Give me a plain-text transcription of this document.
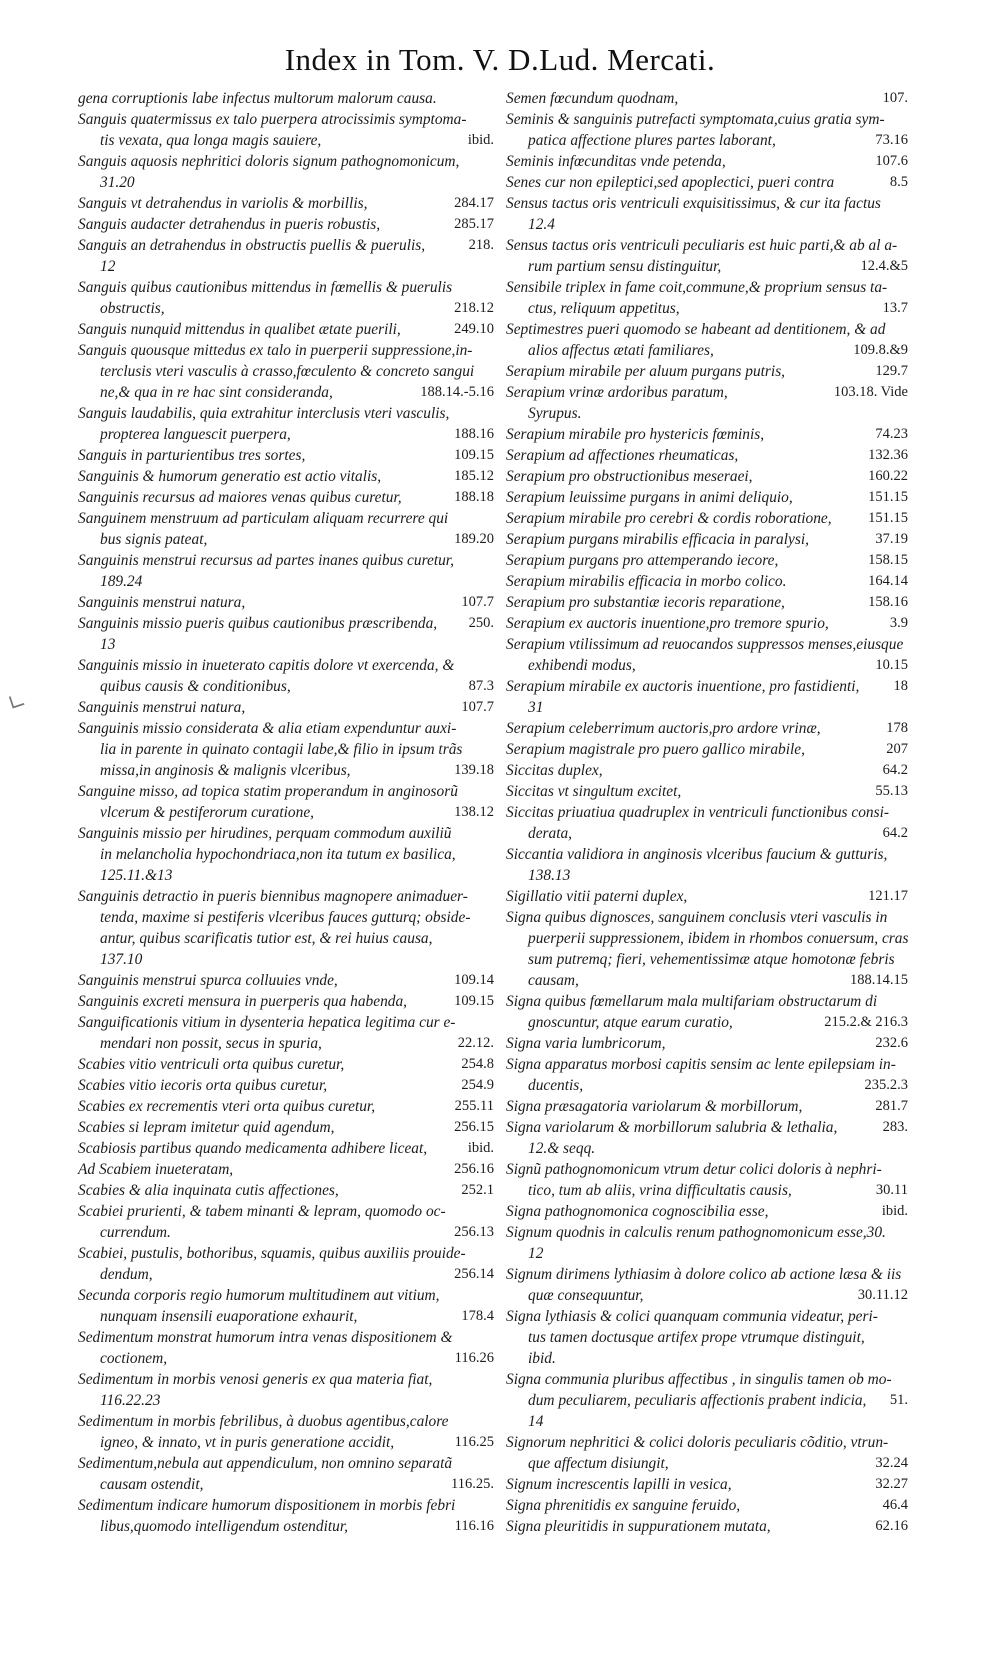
Index in Tom. V. D.Lud. Mercati.
∟
gena corruptionis labe infectus multorum malorum causa.
Sanguis quatermissus ex talo puerpera atrocissimis symptoma-
tis vexata, qua longa magis sauiere,	ibid.
Sanguis aquosis nephritici doloris signum pathognomonicum,
31.20
Sanguis vt detrahendus in variolis & morbillis,	284.17
Sanguis audacter detrahendus in pueris robustis,	285.17
Sanguis an detrahendus in obstructis puellis & puerulis,	218.
12
Sanguis quibus cautionibus mittendus in fœmellis & puerulis
obstructis,	218.12
Sanguis nunquid mittendus in qualibet ætate puerili,	249.10
Sanguis quousque mittedus ex talo in puerperii suppressione,in-
terclusis vteri vasculis à crasso,fœculento & concreto sangui
ne,& qua in re hac sint consideranda,	188.14.-5.16
Sanguis laudabilis, quia extrahitur interclusis vteri vasculis,
propterea languescit puerpera,	188.16
Sanguis in parturientibus tres sortes,	109.15
Sanguinis & humorum generatio est actio vitalis,	185.12
Sanguinis recursus ad maiores venas quibus curetur,	188.18
Sanguinem menstruum ad particulam aliquam recurrere qui
bus signis pateat,	189.20
Sanguinis menstrui recursus ad partes inanes quibus curetur,
189.24
Sanguinis menstrui natura,	107.7
Sanguinis missio pueris quibus cautionibus præscribenda,	250.
13
Sanguinis missio in inueterato capitis dolore vt exercenda, &
quibus causis & conditionibus,	87.3
Sanguinis menstrui natura,	107.7
Sanguinis missio considerata & alia etiam expenduntur auxi-
lia in parente in quinato contagii labe,& filio in ipsum trãs
missa,in anginosis & malignis vlceribus,	139.18
Sanguine misso, ad topica statim properandum in anginosorũ
vlcerum & pestiferorum curatione,	138.12
Sanguinis missio per hirudines, perquam commodum auxiliũ
in melancholia hypochondriaca,non ita tutum ex basilica,
125.11.&13
Sanguinis detractio in pueris biennibus magnopere animaduer-
tenda, maxime si pestiferis vlceribus fauces gutturq; obside-
antur, quibus scarificatis tutior est, & rei huius causa,
137.10
Sanguinis menstrui spurca colluuies vnde,	109.14
Sanguinis excreti mensura in puerperis qua habenda,	109.15
Sanguificationis vitium in dysenteria hepatica legitima cur e-
mendari non possit, secus in spuria,	22.12.
Scabies vitio ventriculi orta quibus curetur,	254.8
Scabies vitio iecoris orta quibus curetur,	254.9
Scabies ex recrementis vteri orta quibus curetur,	255.11
Scabies si lepram imitetur quid agendum,	256.15
Scabiosis partibus quando medicamenta adhibere liceat,	ibid.
Ad Scabiem inueteratam,	256.16
Scabies & alia inquinata cutis affectiones,	252.1
Scabiei prurienti, & tabem minanti & lepram, quomodo oc-
currendum.	256.13
Scabiei, pustulis, bothoribus, squamis, quibus auxiliis prouide-
dendum,	256.14
Secunda corporis regio humorum multitudinem aut vitium,
nunquam insensili euaporatione exhaurit,	178.4
Sedimentum monstrat humorum intra venas dispositionem &
coctionem,	116.26
Sedimentum in morbis venosi generis ex qua materia fiat,
116.22.23
Sedimentum in morbis febrilibus, à duobus agentibus,calore
igneo, & innato, vt in puris generatione accidit,	116.25
Sedimentum,nebula aut appendiculum, non omnino separatã
causam ostendit,	116.25.
Sedimentum indicare humorum dispositionem in morbis febri
libus,quomodo intelligendum ostenditur,	116.16
Semen fœcundum quodnam,	107.
Seminis & sanguinis putrefacti symptomata,cuius gratia sym-
patica affectione plures partes laborant,	73.16
Seminis infœcunditas vnde petenda,	107.6
Senes cur non epileptici,sed apoplectici, pueri contra	8.5
Sensus tactus oris ventriculi exquisitissimus, & cur ita factus
12.4
Sensus tactus oris ventriculi peculiaris est huic parti,& ab al a-
rum partium sensu distinguitur,	12.4.&5
Sensibile triplex in fame coit,commune,& proprium sensus ta-
ctus, reliquum appetitus,	13.7
Septimestres pueri quomodo se habeant ad dentitionem, & ad
alios affectus ætati familiares,	109.8.&9
Serapium mirabile per aluum purgans putris,	129.7
Serapium vrinæ ardoribus paratum,	103.18. Vide
Syrupus.
Serapium mirabile pro hystericis fœminis,	74.23
Serapium ad affectiones rheumaticas,	132.36
Serapium pro obstructionibus meseraei,	160.22
Serapium leuissime purgans in animi deliquio,	151.15
Serapium mirabile pro cerebri & cordis roboratione,	151.15
Serapium purgans mirabilis efficacia in paralysi,	37.19
Serapium purgans pro attemperando iecore,	158.15
Serapium mirabilis efficacia in morbo colico.	164.14
Serapium pro substantiæ iecoris reparatione,	158.16
Serapium ex auctoris inuentione,pro tremore spurio,	3.9
Serapium vtilissimum ad reuocandos suppressos menses,eiusque
exhibendi modus,	10.15
Serapium mirabile ex auctoris inuentione, pro fastidienti,	18
31
Serapium celeberrimum auctoris,pro ardore vrinæ,	178
Serapium magistrale pro puero gallico mirabile,	207
Siccitas duplex,	64.2
Siccitas vt singultum excitet,	55.13
Siccitas priuatiua quadruplex in ventriculi functionibus consi-
derata,	64.2
Siccantia validiora in anginosis vlceribus faucium & gutturis,
138.13
Sigillatio vitii paterni duplex,	121.17
Signa quibus dignosces, sanguinem conclusis vteri vasculis in
puerperii suppressionem, ibidem in rhombos conuersum, cras
sum putremq; fieri, vehementissimæ atque homotonæ febris
causam,	188.14.15
Signa quibus fœmellarum mala multifariam obstructarum di
gnoscuntur, atque earum curatio,	215.2.& 216.3
Signa varia lumbricorum,	232.6
Signa apparatus morbosi capitis sensim ac lente epilepsiam in-
ducentis,	235.2.3
Signa præsagatoria variolarum & morbillorum,	281.7
Signa variolarum & morbillorum salubria & lethalia,	283.
12.& seqq.
Signũ pathognomonicum vtrum detur colici doloris à nephri-
tico, tum ab aliis, vrina difficultatis causis,	30.11
Signa pathognomonica cognoscibilia esse,	ibid.
Signum quodnis in calculis renum pathognomonicum esse,30.
12
Signum dirimens lythiasim à dolore colico ab actione læsa & iis
quæ consequuntur,	30.11.12
Signa lythiasis & colici quanquam communia videatur, peri-
tus tamen doctusque artifex prope vtrumque distinguit,
ibid.
Signa communia pluribus affectibus , in singulis tamen ob mo-
dum peculiarem, peculiaris affectionis prabent indicia,	51.
14
Signorum nephritici & colici doloris peculiaris cõditio, vtrun-
que affectum disiungit,	32.24
Signum increscentis lapilli in vesica,	32.27
Signa phrenitidis ex sanguine feruido,	46.4
Signa pleuritidis in suppurationem mutata,	62.16
